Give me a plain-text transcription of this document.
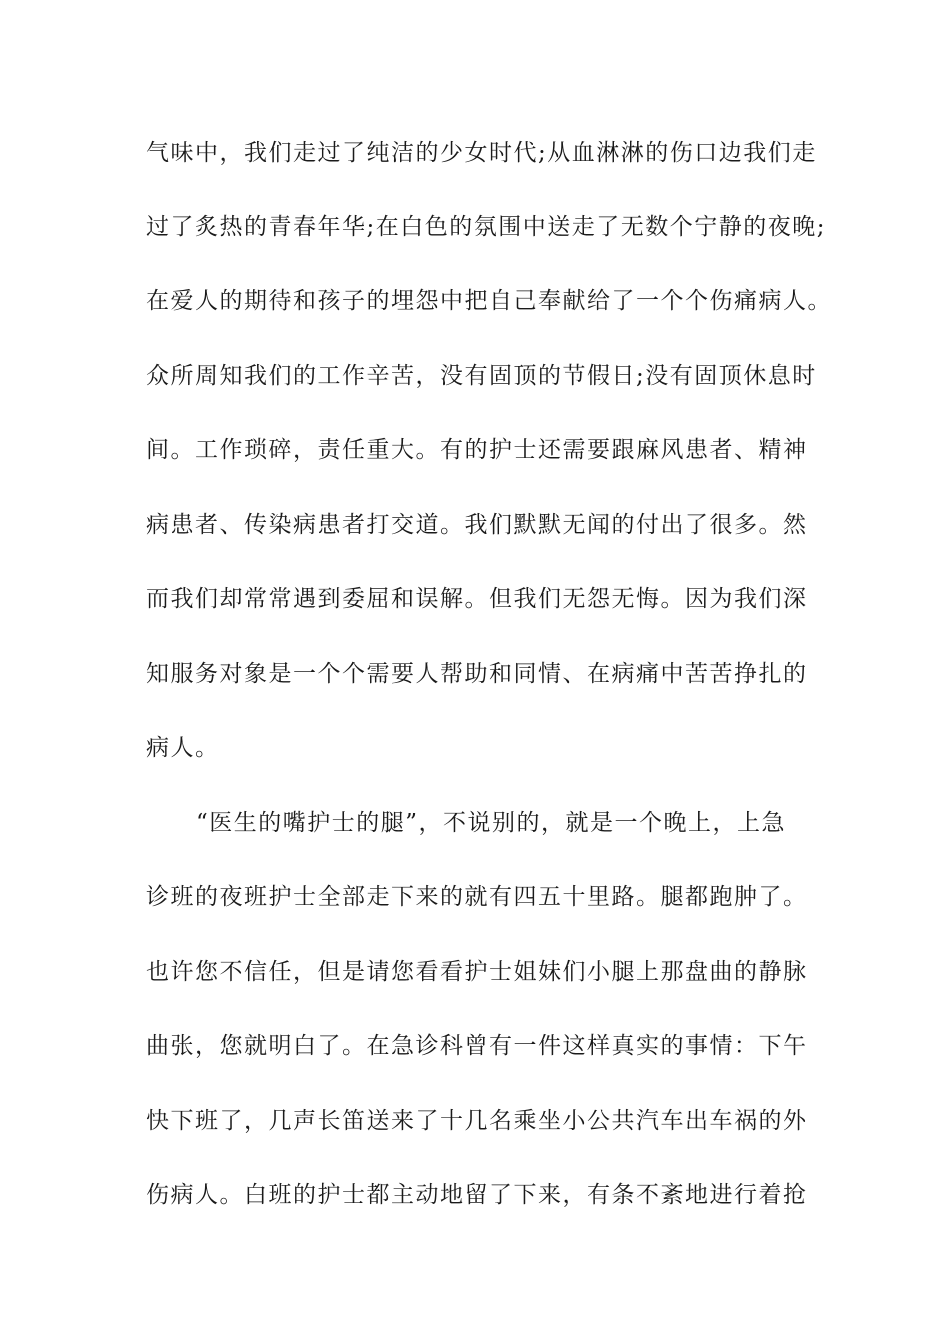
气味中，我们走过了纯洁的少女时代;从血淋淋的伤口边我们走

过了炙热的青春年华;在白色的氛围中送走了无数个宁静的夜晚;

在爱人的期待和孩子的埋怨中把自己奉献给了一个个伤痛病人。

众所周知我们的工作辛苦，没有固顶的节假日;没有固顶休息时

间。工作琐碎，责任重大。有的护士还需要跟麻风患者、精神

病患者、传染病患者打交道。我们默默无闻的付出了很多。然

而我们却常常遇到委屈和误解。但我们无怨无悔。因为我们深

知服务对象是一个个需要人帮助和同情、在病痛中苦苦挣扎的

病人。

“医生的嘴护士的腿”，不说别的，就是一个晚上，上急

诊班的夜班护士全部走下来的就有四五十里路。腿都跑肿了。

也许您不信任，但是请您看看护士姐妹们小腿上那盘曲的静脉

曲张，您就明白了。在急诊科曾有一件这样真实的事情：下午

快下班了，几声长笛送来了十几名乘坐小公共汽车出车祸的外

伤病人。白班的护士都主动地留了下来，有条不紊地进行着抢
